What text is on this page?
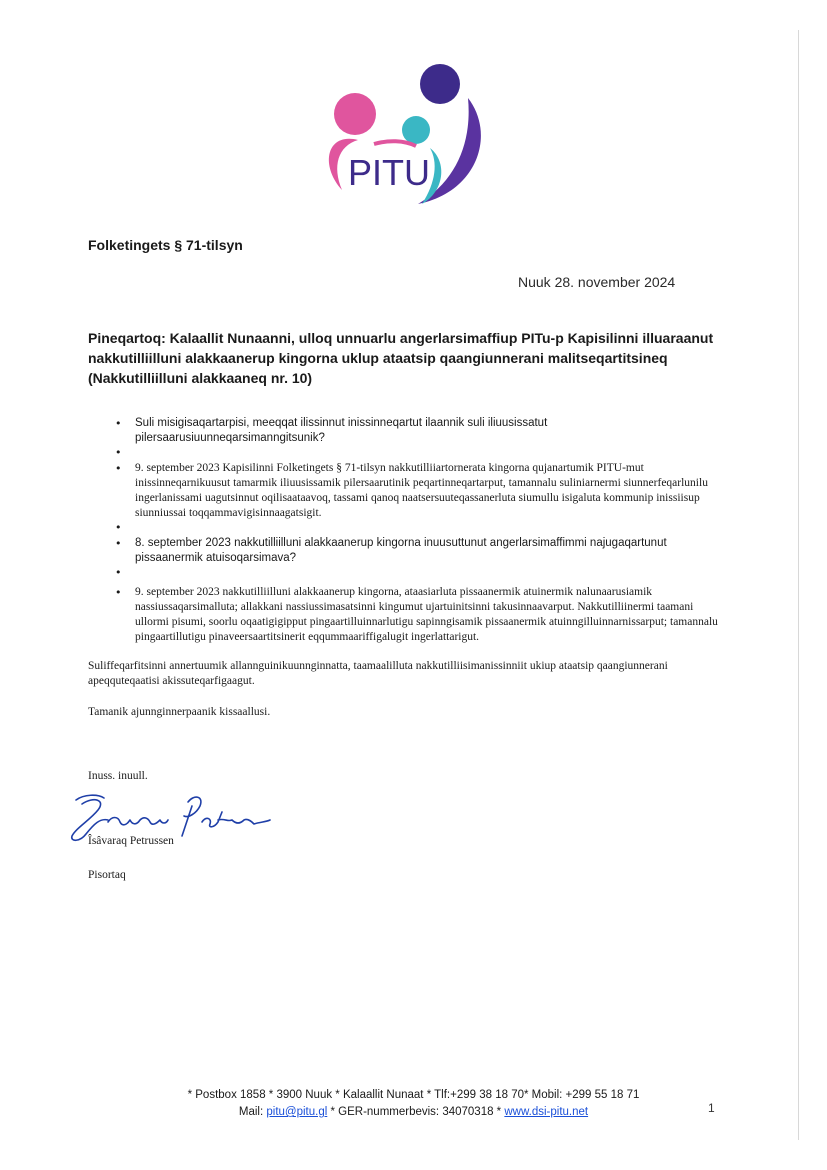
PITU
Folketingets § 71-tilsyn
Nuuk 28. november 2024
Pineqartoq: Kalaallit Nunaanni, ulloq unnuarlu angerlarsimaffiup PITu-p Kapisilinni illuaraanut nakkutilliilluni alakkaanerup kingorna uklup ataatsip qaangiunnerani malitseqartitsineq (Nakkutilliilluni alakkaaneq nr. 10)
• Suli misigisaqartarpisi, meeqqat ilissinnut inissinneqartut ilaannik suli iliuusissatut pilersaarusiuunneqarsimanngitsunik?
•
• 9. september 2023 Kapisilinni Folketingets § 71-tilsyn nakkutilliiartornerata kingorna qujanartumik PITU-mut inissinneqarnikuusut tamarmik iliuusissamik pilersaarutinik peqartinneqartarput, tamannalu suliniarnermi siunnerfeqarlunilu ingerlanissami uagutsinnut oqilisaataavoq, tassami qanoq naatsersuuteqassanerluta siumullu isigaluta kommunip inissiisup siunniussai toqqammavigisinnaagatsigit.
•
• 8. september 2023 nakkutilliilluni alakkaanerup kingorna inuusuttunut angerlarsimaffimmi najugaqartunut pissaanermik atuisoqarsimava?
•
• 9. september 2023 nakkutilliilluni alakkaanerup kingorna, ataasiarluta pissaanermik atuinermik nalunaarusiamik nassiussaqarsimalluta; allakkani nassiussimasatsinni kingumut ujartuinitsinni takusinnaavarput. Nakkutilliinermi taamani ullormi pisumi, soorlu oqaatigigipput pingaartilluinnarlutigu sapinngisamik pissaanermik atuinngilluinnarnissarput; tamannalu pingaartillutigu pinaveersaartitsinerit eqqummaariffigalugit ingerlattarigut.

Suliffeqarfitsinni annertuumik allannguinikuunnginnatta, taamaalilluta nakkutilliisimanissinniit ukiup ataatsip qaangiunnerani apeqquteqaatisi akissuteqarfigaagut.

Tamanik ajunnginnerpaanik kissaallusi.

Inuss. inuull.

Îsâvaraq Petrussen

Pisortaq

* Postbox 1858 * 3900 Nuuk * Kalaallit Nunaat * Tlf:+299 38 18 70* Mobil: +299 55 18 71
Mail: pitu@pitu.gl * GER-nummerbevis: 34070318 * www.dsi-pitu.net	1
